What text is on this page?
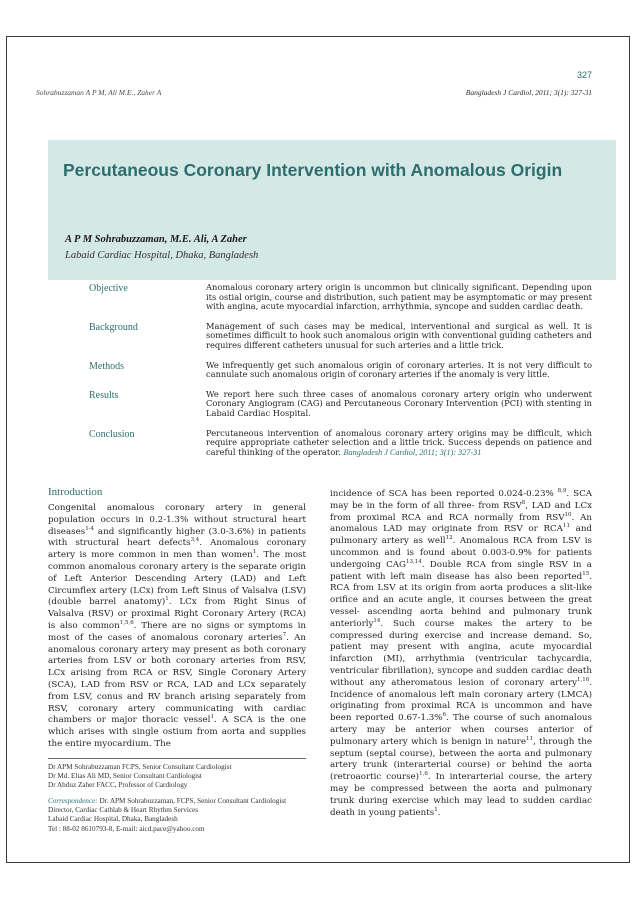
327
Sohrabuzzaman A P M, Ali M.E., Zaher A	Bangladesh J Cardiol, 2011; 3(1): 327-31
Percutaneous Coronary Intervention with Anomalous Origin
A P M Sohrabuzzaman, M.E. Ali, A Zaher
Labaid Cardiac Hospital, Dhaka, Bangladesh
Objective	Anomalous coronary artery origin is uncommon but clinically significant. Depending upon its ostial origin, course and distribution, such patient may be asymptomatic or may present with angina, acute myocardial infarction, arrhythmia, syncope and sudden cardiac death.
Background	Management of such cases may be medical, interventional and surgical as well. It is sometimes difficult to hook such anomalous origin with conventional guiding catheters and requires different catheters unusual for such arteries and a little trick.
Methods	We infrequently get such anomalous origin of coronary arteries. It is not very difficult to cannulate such anomalous origin of coronary arteries if the anomaly is very little.
Results	We report here such three cases of anomalous coronary artery origin who underwent Coronary Angiogram (CAG) and Percutaneous Coronary Intervention (PCI) with stenting in Labaid Cardiac Hospital.
Conclusion	Percutaneous intervention of anomalous coronary artery origins may be difficult, which require appropriate catheter selection and a little trick. Success depends on patience and careful thinking of the operator. Bangladesh J Cardiol, 2011; 3(1): 327-31
Introduction
Congenital anomalous coronary artery in general population occurs in 0.2-1.3% without structural heart diseases$^{1-4}$ and significantly higher (3.0-3.6%) in patients with structural heart defects$^{3,4}$. Anomalous coronary artery is more common in men than women$^1$. The most common anomalous coronary artery is the separate origin of Left Anterior Descending Artery (LAD) and Left Circumflex artery (LCx) from Left Sinus of Valsalva (LSV) (double barrel anatomy)$^1$. LCx from Right Sinus of Valsalva (RSV) or proximal Right Coronary Artery (RCA) is also common$^{1,5,6}$. There are no signs or symptoms in most of the cases of anomalous coronary arteries$^7$. An anomalous coronary artery may present as both coronary arteries from LSV or both coronary arteries from RSV, LCx arising from RCA or RSV, Single Coronary Artery (SCA), LAD from RSV or RCA, LAD and LCx separately from LSV, conus and RV branch arising separately from RSV, coronary artery communicating with cardiac chambers or major thoracic vessel$^1$. A SCA is the one which arises with single ostium from aorta and supplies the entire myocardium. The
incidence of SCA has been reported 0.024-0.23% $^{8,9}$. SCA may be in the form of all three- from RSV$^8$, LAD and LCx from proximal RCA and RCA normally from RSV$^{10}$. An anomalous LAD may originate from RSV or RCA$^{11}$ and pulmonary artery as well$^{12}$. Anomalous RCA from LSV is uncommon and is found about 0.003-0.9% for patients undergoing CAG$^{13,14}$. Double RCA from single RSV in a patient with left main disease has also been reported$^{15}$. RCA from LSV at its origin from aorta produces a slit-like orifice and an acute angle, it courses between the great vessel- ascending aorta behind and pulmonary trunk anteriorly$^{14}$. Such course makes the artery to be compressed during exercise and increase demand. So, patient may present with angina, acute myocardial infarction (MI), arrhythmia (ventricular tachycardia, ventricular fibrillation), syncope and sudden cardiac death without any atheromatous lesion of coronary artery$^{1,16}$. Incidence of anomalous left main coronary artery (LMCA) originating from proximal RCA is uncommon and have been reported 0.67-1.3%$^6$. The course of such anomalous artery may be anterior when courses anterior of pulmonary artery which is benign in nature$^{11}$, through the septum (septal course), between the aorta and pulmonary artery trunk (interarterial course) or behind the aorta (retroaortic course)$^{1,6}$. In interarterial course, the artery may be compressed between the aorta and pulmonary trunk during exercise which may lead to sudden cardiac death in young patients$^1$.
Dr APM Sohrabuzzaman FCPS, Senior Consultant Cardiologist
Dr Md. Elias Ali MD, Senior Consultant Cardiologist
Dr Abduz Zaher FACC, Professor of Cardiology
Correspondence: Dr. APM Sohrabuzzaman, FCPS, Senior Consultant Cardiologist
Director, Cardiac Cathlab & Heart Rhythm Services
Labaid Cardiac Hospital, Dhaka, Bangladesh
Tel : 88-02 8610793-8, E-mail: aicd.pace@yahoo.com
